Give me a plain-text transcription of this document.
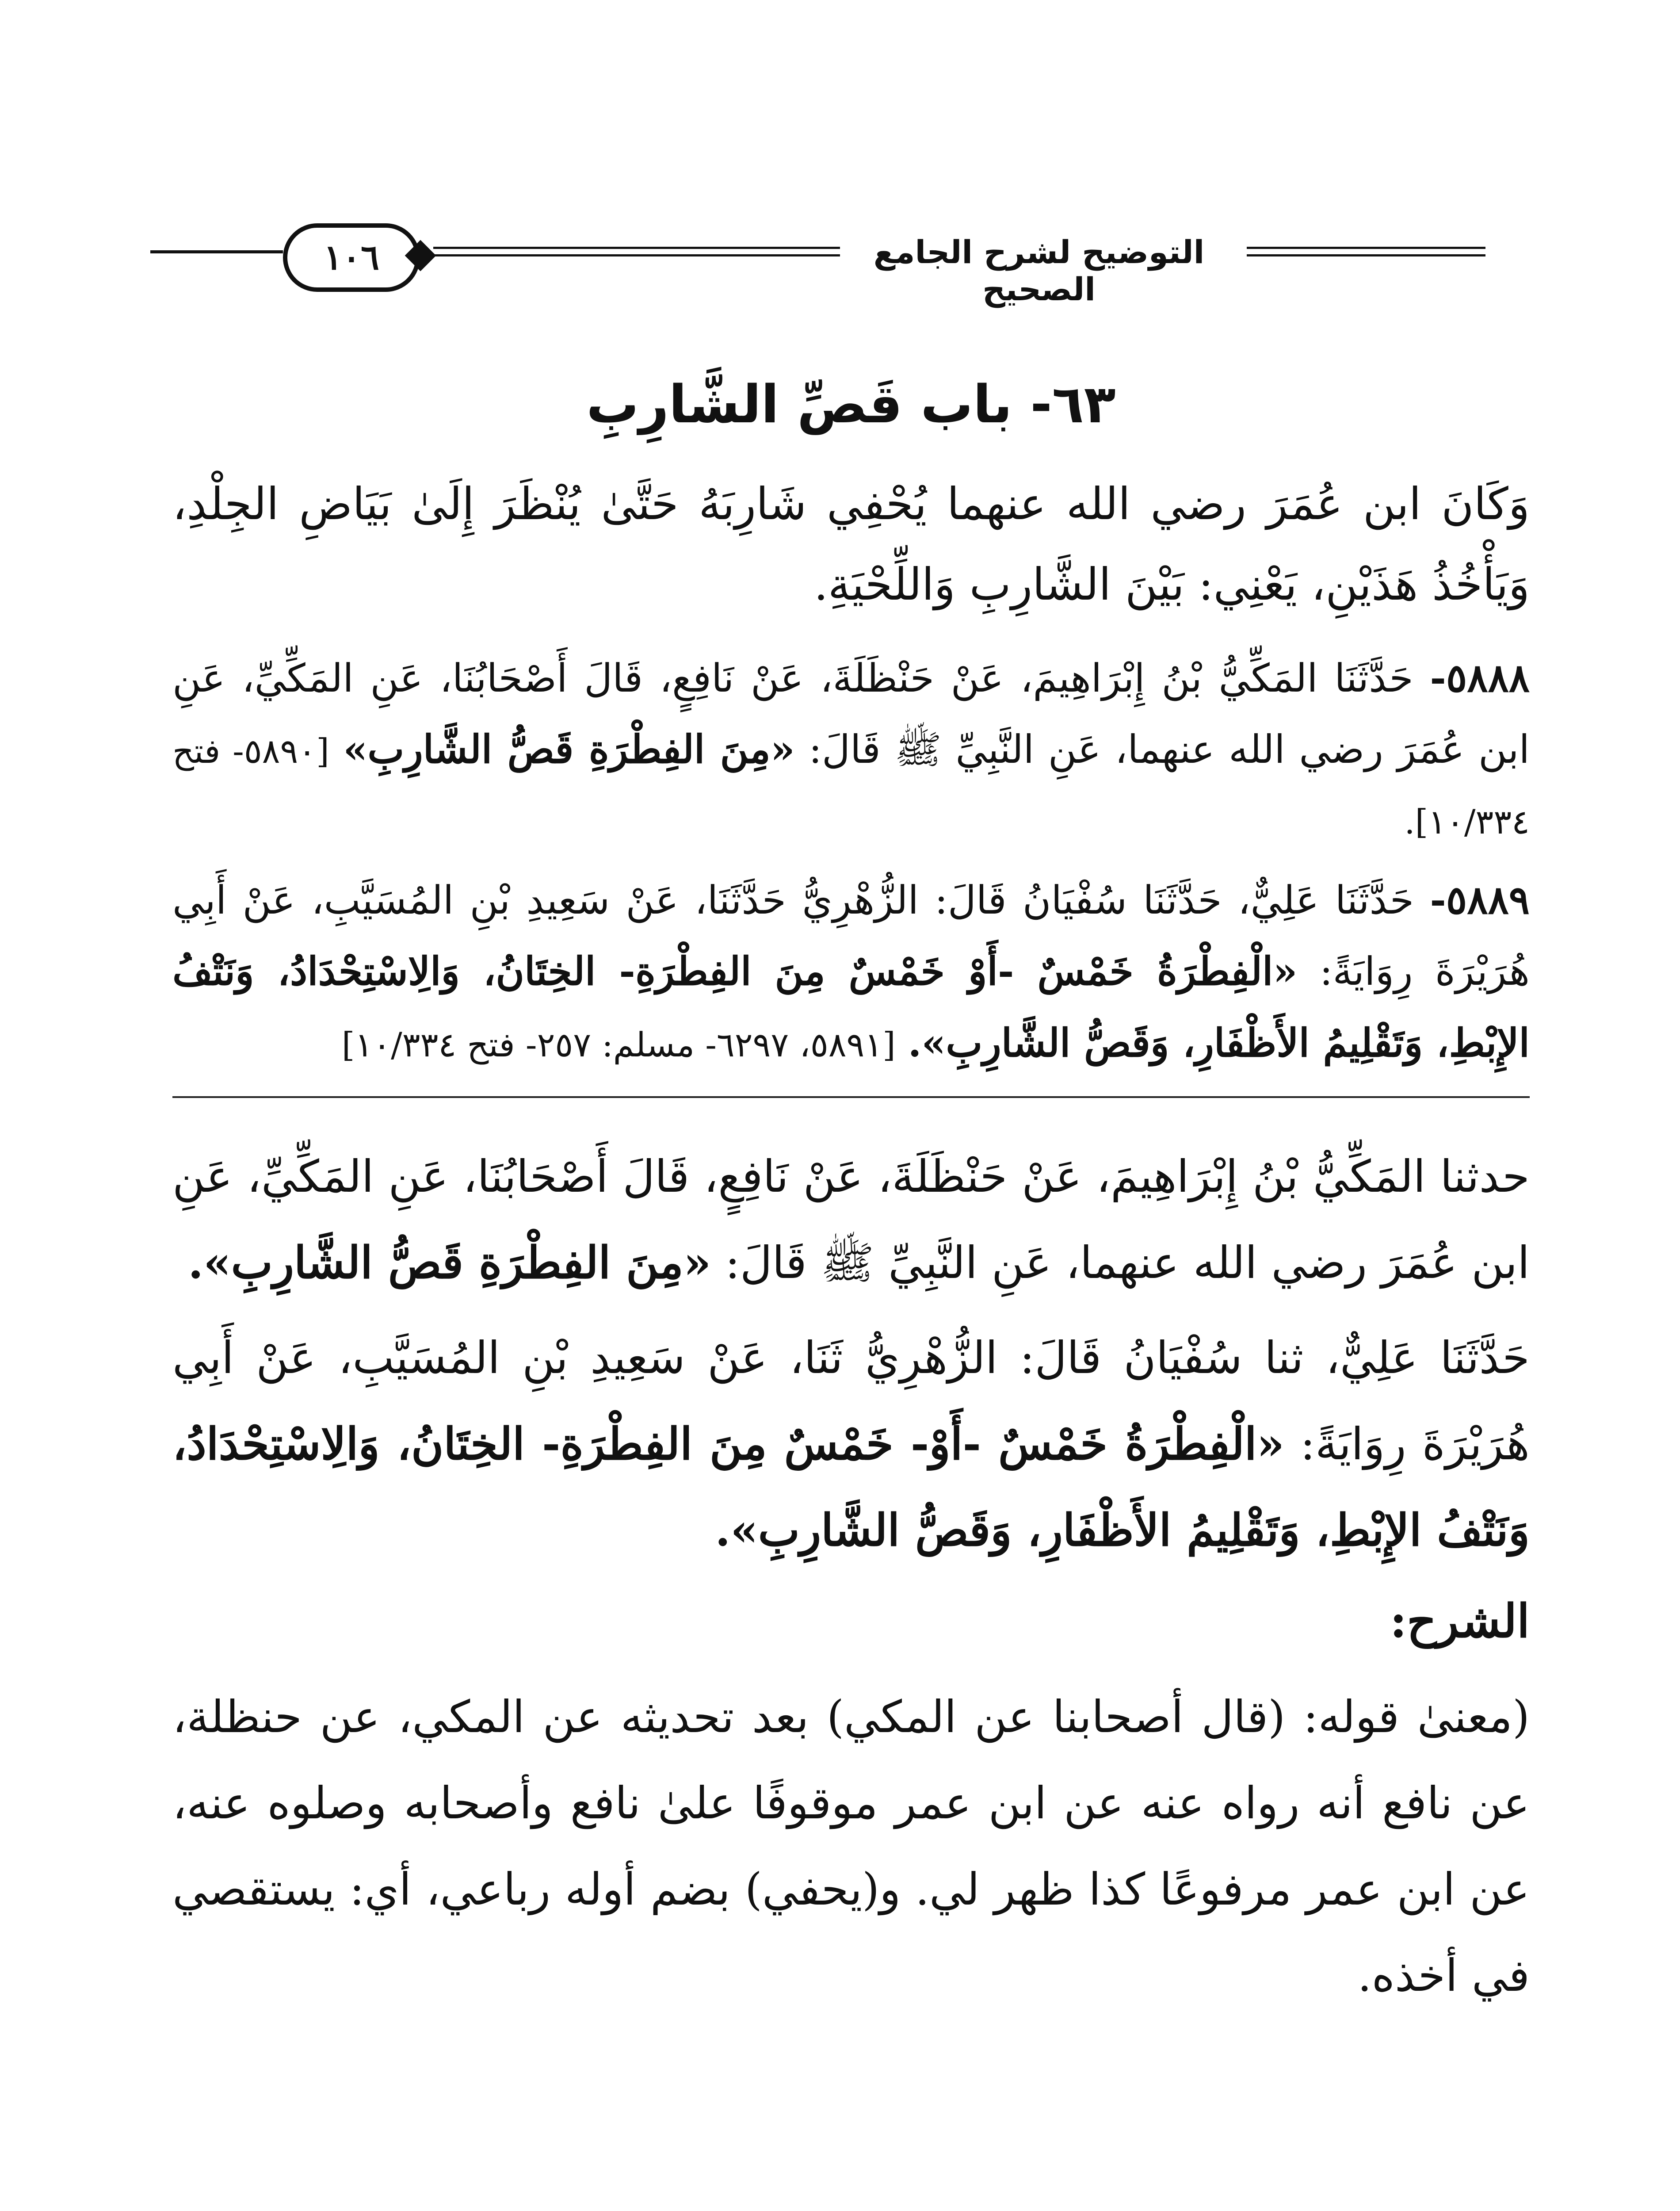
١٠٦	التوضيح لشرح الجامع الصحيح
٦٣- باب قَصِّ الشَّارِبِ

وَكَانَ ابن عُمَرَ رضي الله عنهما يُحْفِي شَارِبَهُ حَتَّىٰ يُنْظَرَ إِلَىٰ بَيَاضِ الجِلْدِ، وَيَأْخُذُ هَذَيْنِ، يَعْنِي: بَيْنَ الشَّارِبِ وَاللِّحْيَةِ.

٥٨٨٨- حَدَّثَنَا المَكِّيُّ بْنُ إِبْرَاهِيمَ، عَنْ حَنْظَلَةَ، عَنْ نَافِعٍ، قَالَ أَصْحَابُنَا، عَنِ المَكِّيِّ، عَنِ ابن عُمَرَ رضي الله عنهما، عَنِ النَّبِيِّ ﷺ قَالَ: «مِنَ الفِطْرَةِ قَصُّ الشَّارِبِ» [٥٨٩٠- فتح ١٠/٣٣٤].

٥٨٨٩- حَدَّثَنَا عَلِيٌّ، حَدَّثَنَا سُفْيَانُ قَالَ: الزُّهْرِيُّ حَدَّثَنَا، عَنْ سَعِيدِ بْنِ المُسَيَّبِ، عَنْ أَبِي هُرَيْرَةَ رِوَايَةً: «الْفِطْرَةُ خَمْسٌ -أَوْ خَمْسٌ مِنَ الفِطْرَةِ- الخِتَانُ، وَالِاسْتِحْدَادُ، وَنَتْفُ الإِبْطِ، وَتَقْلِيمُ الأَظْفَارِ، وَقَصُّ الشَّارِبِ». [٥٨٩١، ٦٢٩٧- مسلم: ٢٥٧- فتح ١٠/٣٣٤]

حدثنا المَكِّيُّ بْنُ إِبْرَاهِيمَ، عَنْ حَنْظَلَةَ، عَنْ نَافِعٍ، قَالَ أَصْحَابُنَا، عَنِ المَكِّيِّ، عَنِ ابن عُمَرَ رضي الله عنهما، عَنِ النَّبِيِّ ﷺ قَالَ: «مِنَ الفِطْرَةِ قَصُّ الشَّارِبِ».

حَدَّثَنَا عَلِيٌّ، ثنا سُفْيَانُ قَالَ: الزُّهْرِيُّ ثَنَا، عَنْ سَعِيدِ بْنِ المُسَيَّبِ، عَنْ أَبِي هُرَيْرَةَ رِوَايَةً: «الْفِطْرَةُ خَمْسٌ -أَوْ- خَمْسٌ مِنَ الفِطْرَةِ- الخِتَانُ، وَالِاسْتِحْدَادُ، وَنَتْفُ الإِبْطِ، وَتَقْلِيمُ الأَظْفَارِ، وَقَصُّ الشَّارِبِ».

الشرح:

(معنىٰ قوله: (قال أصحابنا عن المكي) بعد تحديثه عن المكي، عن حنظلة، عن نافع أنه رواه عنه عن ابن عمر موقوفًا علىٰ نافع وأصحابه وصلوه عنه، عن ابن عمر مرفوعًا كذا ظهر لي. و(يحفي) بضم أوله رباعي، أي: يستقصي في أخذه.
